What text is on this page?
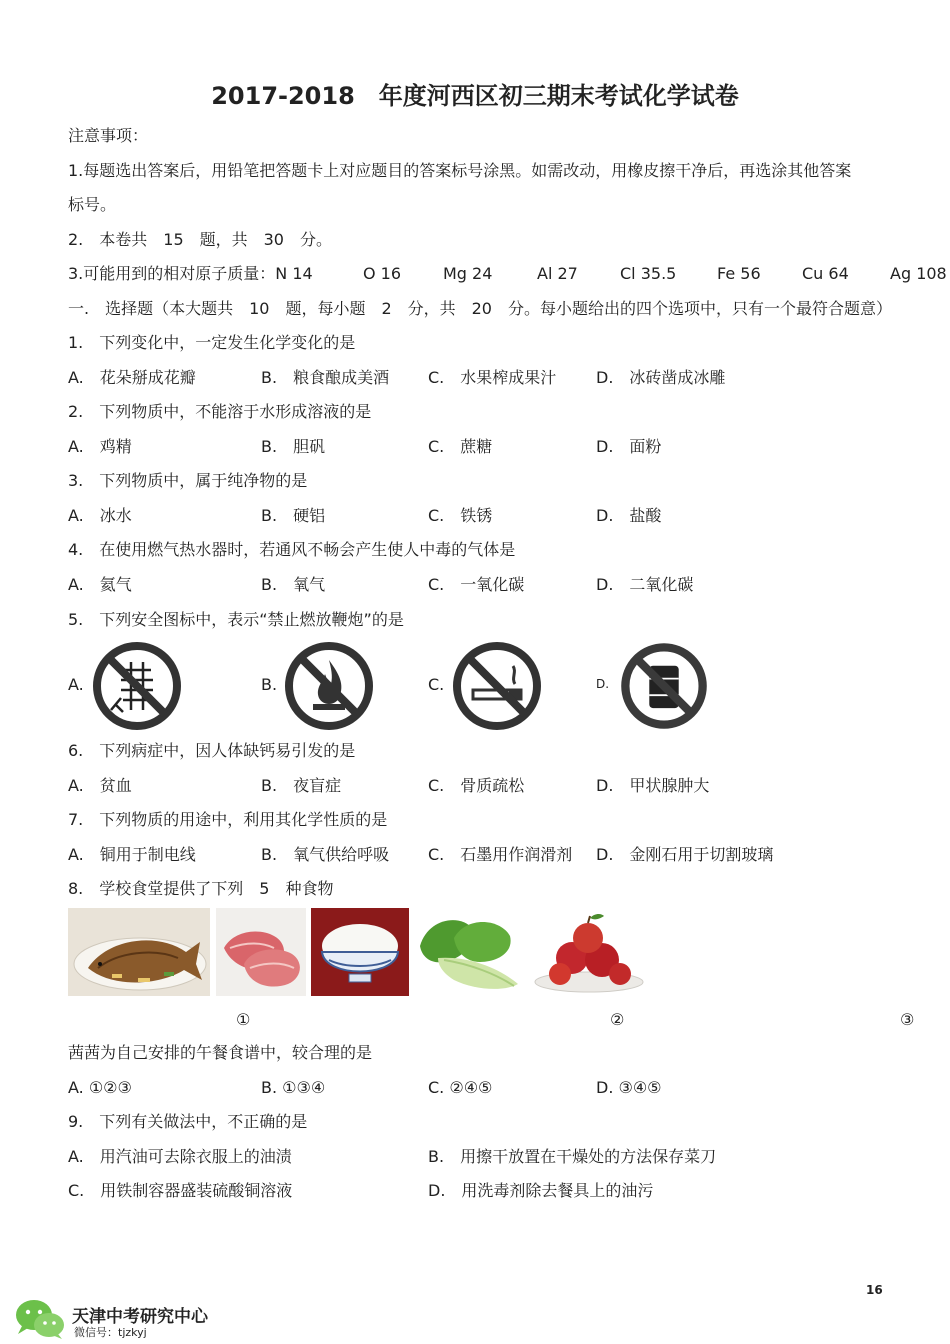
2017-2018　年度河西区初三期末考试化学试卷
注意事项：
1.每题选出答案后，用铅笔把答题卡上对应题目的答案标号涂黑。如需改动，用橡皮擦干净后，再选涂其他答案
标号。
2.　本卷共　15　题，共　30　分。
3.可能用到的相对原子质量：N 14	O 16	Mg 24	Al 27	Cl 35.5	Fe 56	Cu 64	Ag 108
一.　选择题（本大题共　10　题，每小题　2　分，共　20　分。每小题给出的四个选项中，只有一个最符合题意）
1.　下列变化中，一定发生化学变化的是
A.　花朵掰成花瓣	B.　粮食酿成美酒 C.　水果榨成果汁 D.　冰砖凿成冰雕
2.　下列物质中，不能溶于水形成溶液的是
A.　鸡精	B.　胆矾	C.　蔗糖	D.　面粉
3.　下列物质中，属于纯净物的是
A.　冰水	B.　硬铝	C.　铁锈	D.　盐酸
4.　在使用燃气热水器时，若通风不畅会产生使人中毒的气体是
A.　氦气	B.　氧气	C.　一氧化碳	D.　二氧化碳
5.　下列安全图标中，表示“禁止燃放鞭炮”的是
A.	B.	C.	D.
6.　下列病症中，因人体缺钙易引发的是
A.　贫血	B.　夜盲症	C.　骨质疏松	D.　甲状腺肿大
7.　下列物质的用途中，利用其化学性质的是
A.　铜用于制电线	B.　氧气供给呼吸 C.　石墨用作润滑剂 D.　金刚石用于切割玻璃
8.　学校食堂提供了下列　5　种食物
①	②	③
茜茜为自己安排的午餐食谱中，较合理的是
A. ①②③	B. ①③④	C. ②④⑤	D. ③④⑤
9.　下列有关做法中，不正确的是
A.　用汽油可去除衣服上的油渍	B.　用擦干放置在干燥处的方法保存菜刀
C.　用铁制容器盛装硫酸铜溶液	D.　用洗毒剂除去餐具上的油污
16
天津中考研究中心
微信号：tjzkyj
